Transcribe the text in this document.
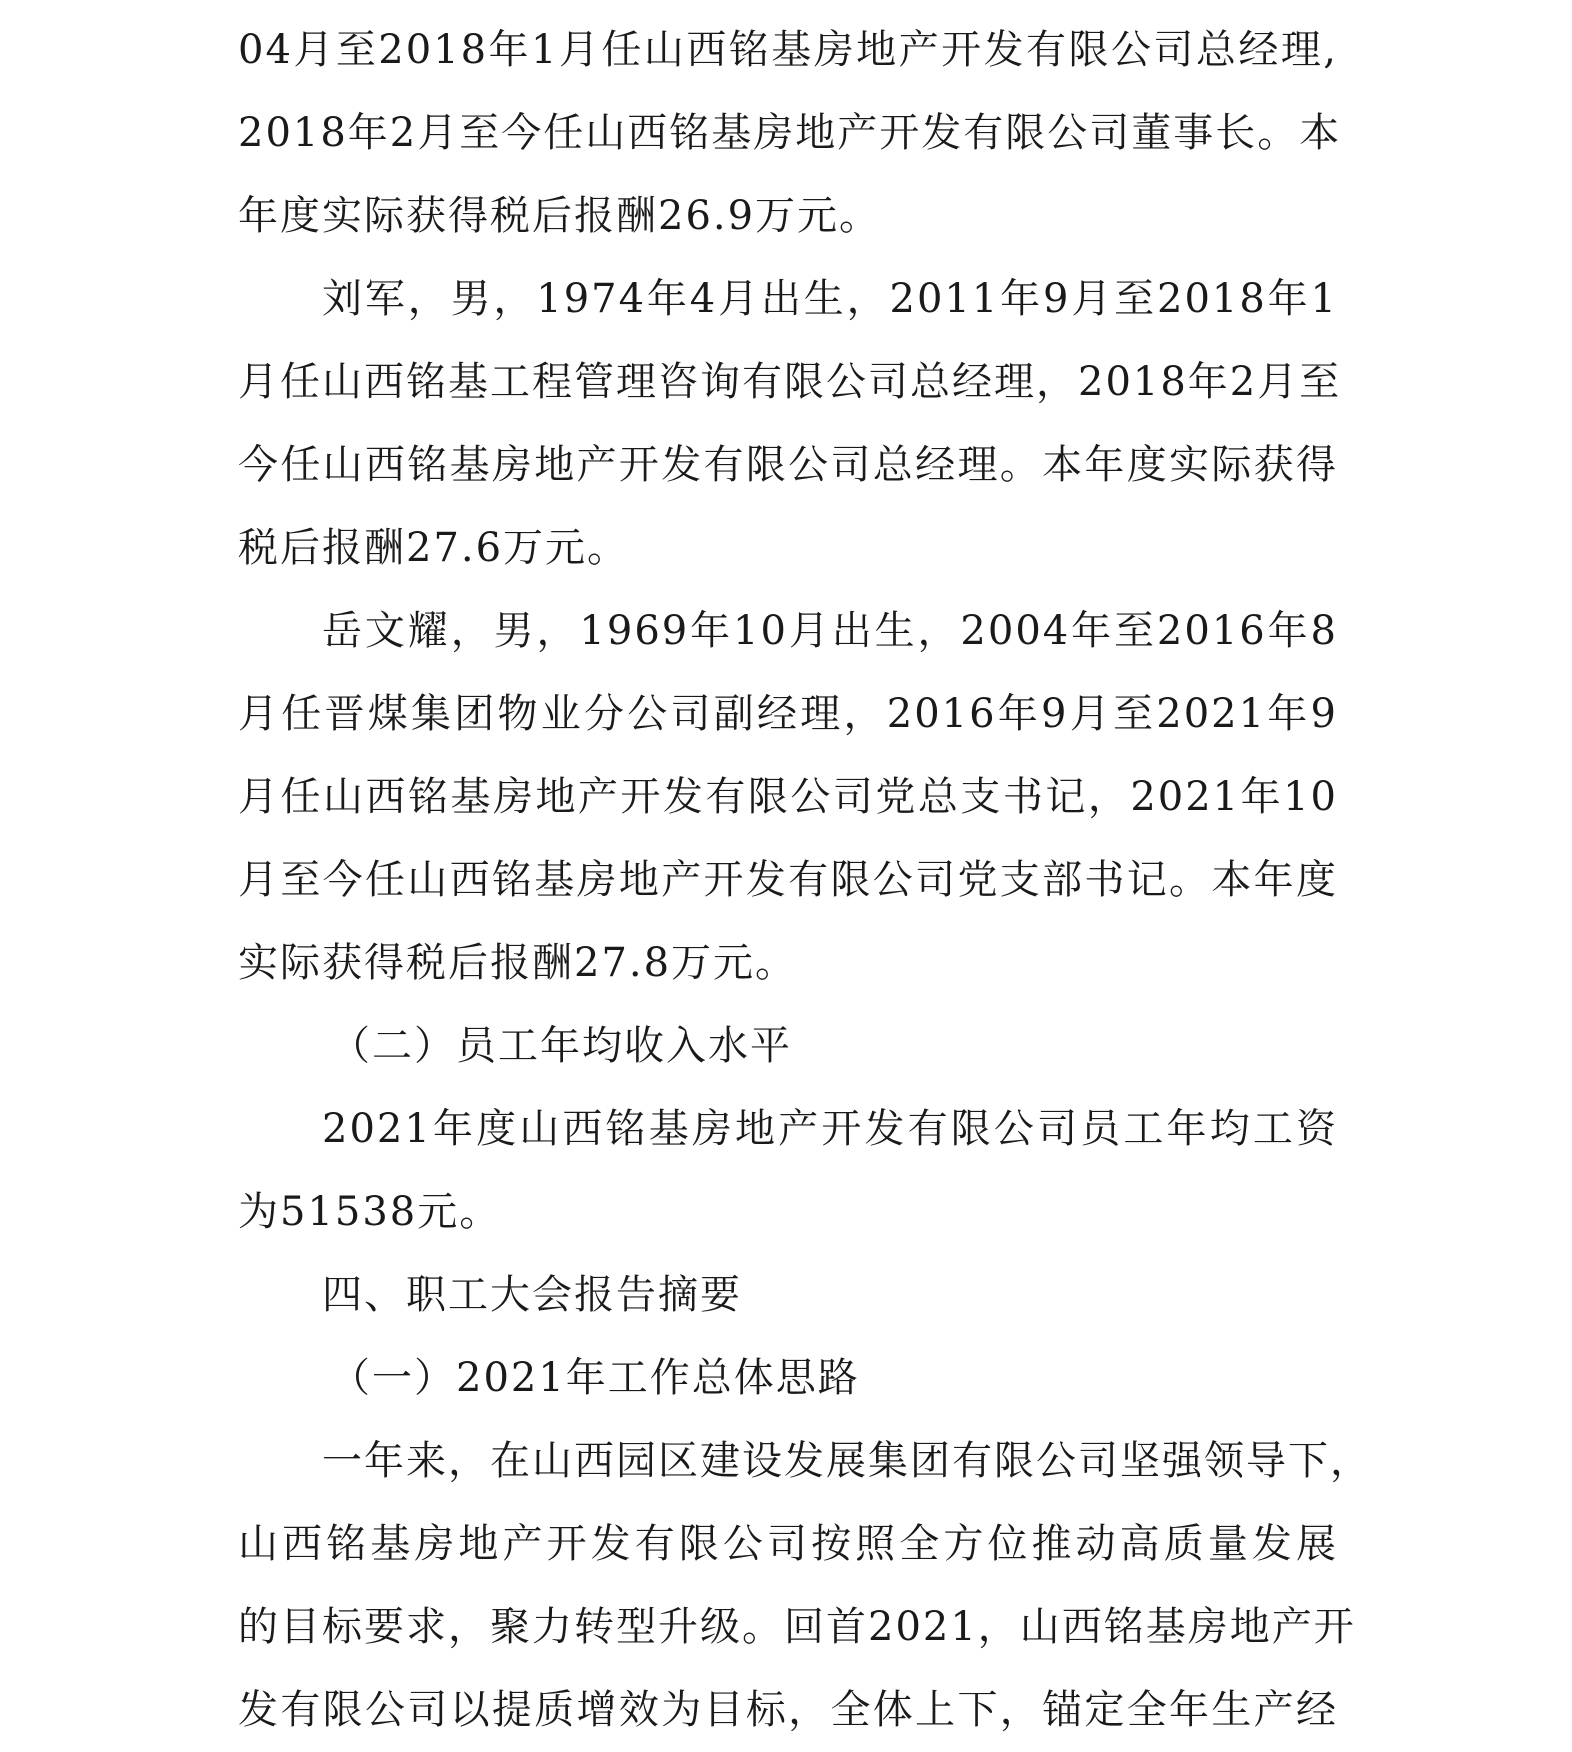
04月至2018年1月任山西铭基房地产开发有限公司总经理,
2018年2月至今任山西铭基房地产开发有限公司董事长。本
年度实际获得税后报酬26.9万元。
刘军，男，1974年4月出生，2011年9月至2018年1
月任山西铭基工程管理咨询有限公司总经理，2018年2月至
今任山西铭基房地产开发有限公司总经理。本年度实际获得
税后报酬27.6万元。
岳文耀，男，1969年10月出生，2004年至2016年8
月任晋煤集团物业分公司副经理，2016年9月至2021年9
月任山西铭基房地产开发有限公司党总支书记，2021年10
月至今任山西铭基房地产开发有限公司党支部书记。本年度
实际获得税后报酬27.8万元。
（二）员工年均收入水平
2021年度山西铭基房地产开发有限公司员工年均工资
为51538元。
四、职工大会报告摘要
（一）2021年工作总体思路
一年来，在山西园区建设发展集团有限公司坚强领导下，
山西铭基房地产开发有限公司按照全方位推动高质量发展
的目标要求，聚力转型升级。回首2021，山西铭基房地产开
发有限公司以提质增效为目标，全体上下，锚定全年生产经
